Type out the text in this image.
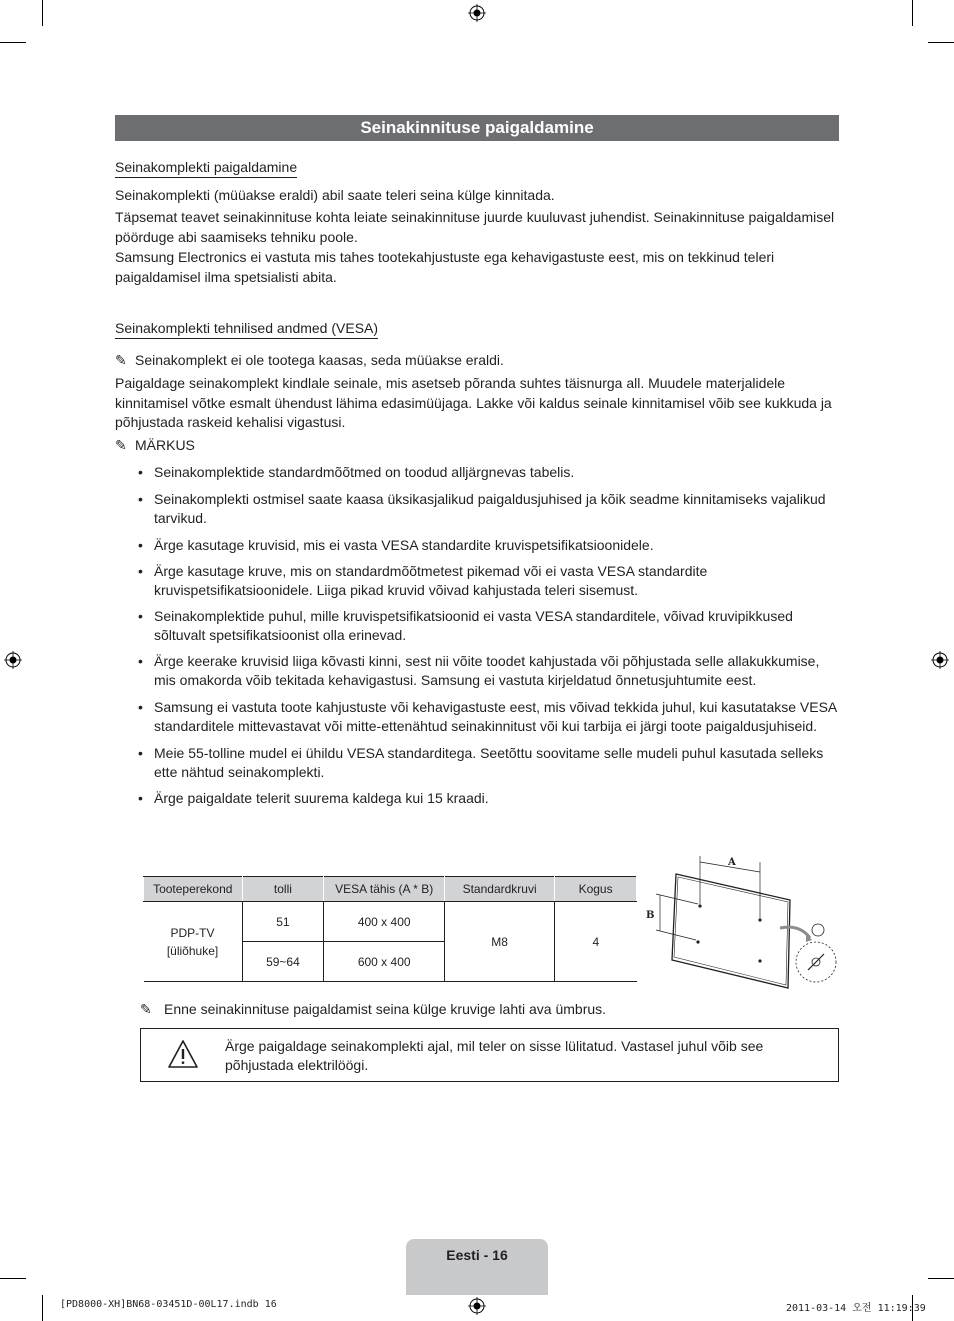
Seinakinnituse paigaldamine
Seinakomplekti paigaldamine

Seinakomplekti (müüakse eraldi) abil saate teleri seina külge kinnitada.

Täpsemat teavet seinakinnituse kohta leiate seinakinnituse juurde kuuluvast juhendist. Seinakinnituse paigaldamisel pöörduge abi saamiseks tehniku poole.

Samsung Electronics ei vastuta mis tahes tootekahjustuste ega kehavigastuste eest, mis on tekkinud teleri paigaldamisel ilma spetsialisti abita.

Seinakomplekti tehnilised andmed (VESA)
✎ Seinakomplekt ei ole tootega kaasas, seda müüakse eraldi.

Paigaldage seinakomplekt kindlale seinale, mis asetseb põranda suhtes täisnurga all. Muudele materjalidele kinnitamisel võtke esmalt ühendust lähima edasimüüjaga. Lakke või kaldus seinale kinnitamisel võib see kukkuda ja põhjustada raskeid kehalisi vigastusi.

✎ MÄRKUS
• Seinakomplektide standardmõõtmed on toodud alljärgnevas tabelis.
• Seinakomplekti ostmisel saate kaasa üksikasjalikud paigaldusjuhised ja kõik seadme kinnitamiseks vajalikud tarvikud.
• Ärge kasutage kruvisid, mis ei vasta VESA standardite kruvispetsifikatsioonidele.
• Ärge kasutage kruve, mis on standardmõõtmetest pikemad või ei vasta VESA standardite kruvispetsifikatsioonidele. Liiga pikad kruvid võivad kahjustada teleri sisemust.
• Seinakomplektide puhul, mille kruvispetsifikatsioonid ei vasta VESA standarditele, võivad kruvipikkused sõltuvalt spetsifikatsioonist olla erinevad.
• Ärge keerake kruvisid liiga kõvasti kinni, sest nii võite toodet kahjustada või põhjustada selle allakukkumise, mis omakorda võib tekitada kehavigastusi. Samsung ei vastuta kirjeldatud õnnetusjuhtumite eest.
• Samsung ei vastuta toote kahjustuste või kehavigastuste eest, mis võivad tekkida juhul, kui kasutatakse VESA standarditele mittevastavat või mitte-ettenähtud seinakinnitust või kui tarbija ei järgi toote paigaldusjuhiseid.
• Meie 55-tolline mudel ei ühildu VESA standarditega. Seetõttu soovitame selle mudeli puhul kasutada selleks ette nähtud seinakomplekti.
• Ärge paigaldate telerit suurema kaldega kui 15 kraadi.
Tooteperekond	tolli	VESA tähis (A * B)	Standardkruvi	Kogus

PDP-TV
[üliõhuke]	51	400 x 400	M8	4
	59~64	600 x 400		
A
B
✎ Enne seinakinnituse paigaldamist seina külge kruvige lahti ava ümbrus.
Ärge paigaldage seinakomplekti ajal, mil teler on sisse lülitatud. Vastasel juhul võib see põhjustada elektrilöögi.
Eesti - 16
[PD8000-XH]BN68-03451D-00L17.indb 16	2011-03-14 오전 11:19:39
